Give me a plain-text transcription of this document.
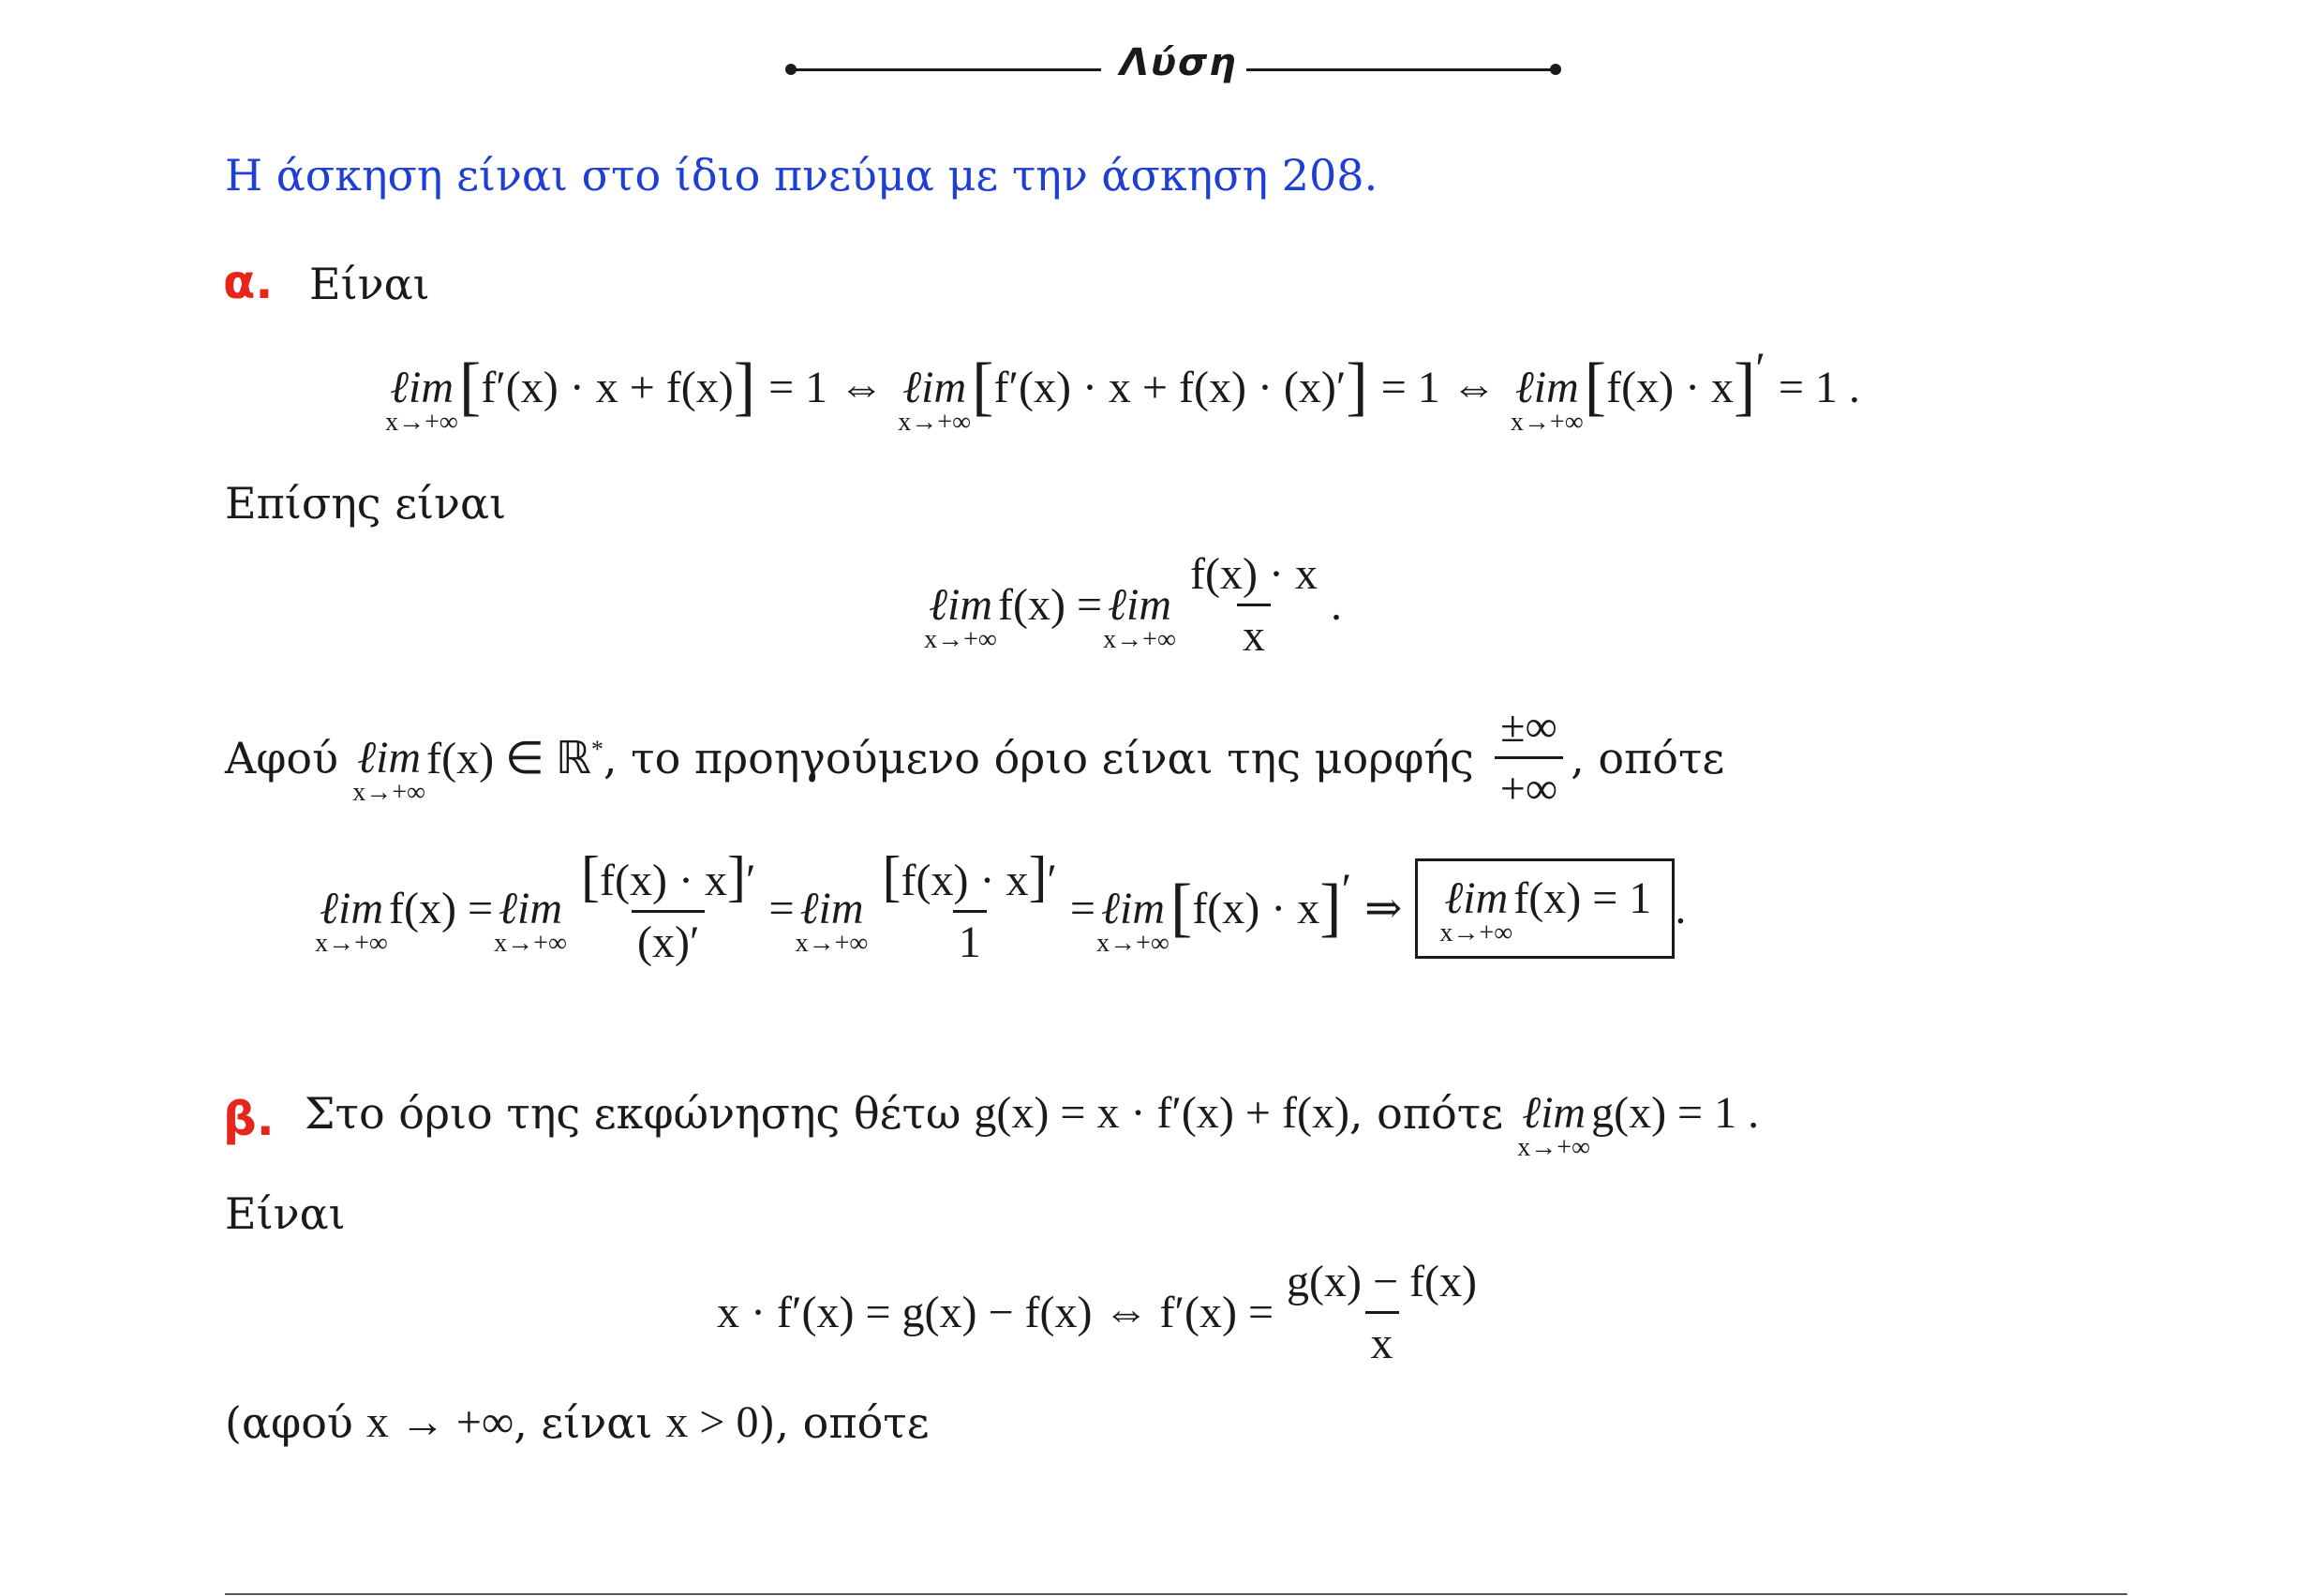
Λύση
Η άσκηση είναι στο ίδιο πνεύμα με την άσκηση 208.
α. Είναι
ℓim
x→+∞ [ f′(x) · x + f(x) ] = 1 ⇔ ℓim
x→+∞ [ f′(x) · x + f(x) · (x)′ ] = 1 ⇔ ℓim
x→+∞ [ f(x) · x ] ′ = 1 .
Επίσης είναι
ℓim
x→+∞
f(x) = ℓim
$x\to+\infty \frac{f(x) \cdot x}{x}$ .
Αφού ℓim
x→+∞
f(x) ∈ ℝ* , το προηγούμενο όριο είναι της μορφής $\frac{\pm\infty}{+\infty}$ , οπότε
ℓim
x→+∞
f(x) = ℓim
$x\to+\infty \frac{[f(x) \cdot x]'}{(x)'}$ = ℓim
$x\to+\infty \frac{[f(x) \cdot x]'}{1}$ = ℓim
x→+∞ [ f(x) · x ] ′ ⇒ ℓim
x→+∞
f(x) = 1 .
β. Στο όριο της εκφώνησης θέτω g(x) = x · f′(x) + f(x) , οπότε ℓim
x→+∞
g(x) = 1 .
Είναι
x · f′(x) = g(x) − f(x) ⇔ $f'(x) = \frac{g(x) - f(x)}{x}$
(αφού x → +∞ , είναι x > 0 ), οπότε
